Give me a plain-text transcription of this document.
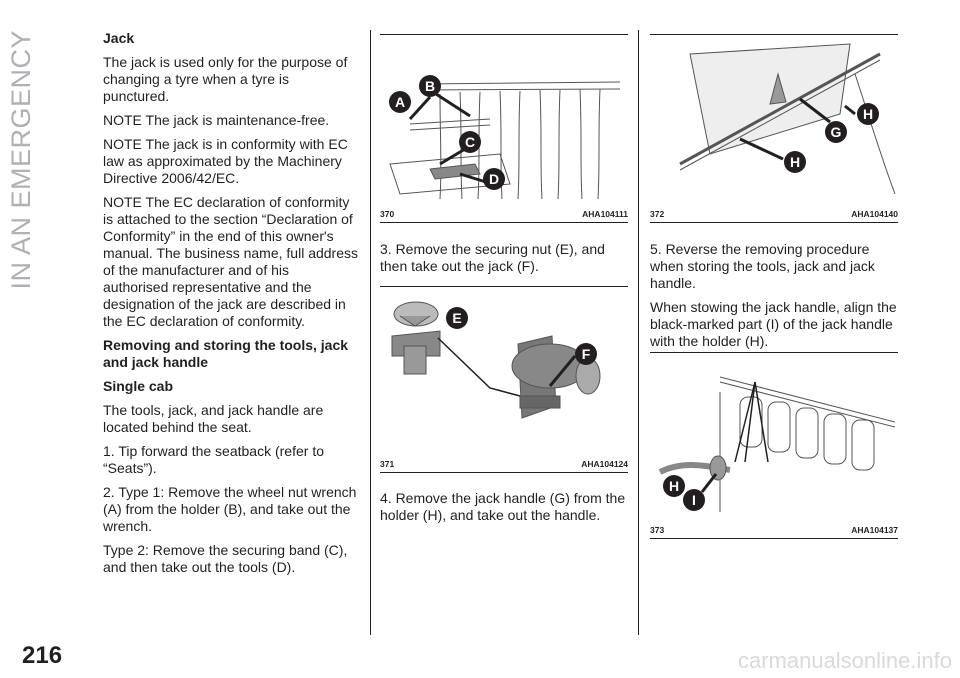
IN AN EMERGENCY
216

Jack

The jack is used only for the purpose of changing a tyre when a tyre is punctured.

NOTE The jack is maintenance-free.

NOTE The jack is in conformity with EC law as approximated by the Machinery Directive 2006/42/EC.

NOTE The EC declaration of conformity is attached to the section “Declaration of Conformity” in the end of this owner's manual. The business name, full address of the manufacturer and of his authorised representative and the designation of the jack are described in the EC declaration of conformity.

Removing and storing the tools, jack and jack handle

Single cab

The tools, jack, and jack handle are located behind the seat.

1. Tip forward the seatback (refer to “Seats”).

2. Type 1: Remove the wheel nut wrench (A) from the holder (B), and take out the wrench.

Type 2: Remove the securing band (C), and then take out the tools (D).

A
B
C
D
370	AHA104111

3. Remove the securing nut (E), and then take out the jack (F).

E
F
371	AHA104124

4. Remove the jack handle (G) from the holder (H), and take out the handle.

H
G
H
372	AHA104140

5. Reverse the removing procedure when storing the tools, jack and jack handle.

When stowing the jack handle, align the black-marked part (I) of the jack handle with the holder (H).

H
I
373	AHA104137
carmanualsonline.info
